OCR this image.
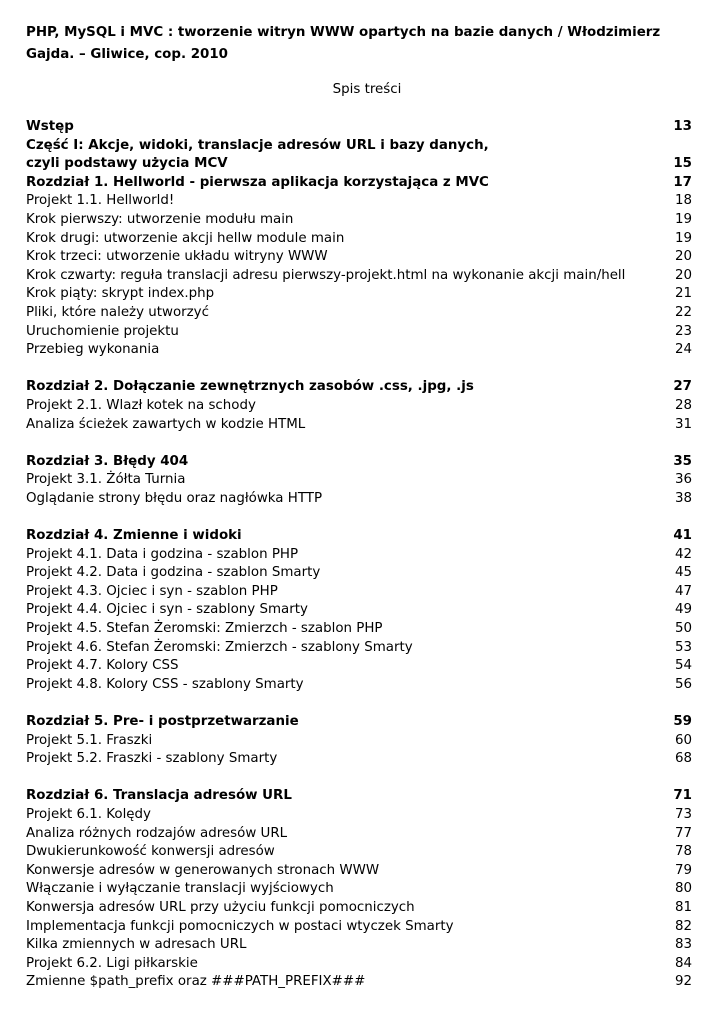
PHP, MySQL i MVC : tworzenie witryn WWW opartych na bazie danych / Włodzimierz Gajda. – Gliwice, cop. 2010

Spis treści

Wstęp	13
Część I: Akcje, widoki, translacje adresów URL i bazy danych,
czyli podstawy użycia MCV	15
Rozdział 1. Hellworld - pierwsza aplikacja korzystająca z MVC	17
Projekt 1.1. Hellworld!	18
Krok pierwszy: utworzenie modułu main	19
Krok drugi: utworzenie akcji hellw module main	19
Krok trzeci: utworzenie układu witryny WWW	20
Krok czwarty: reguła translacji adresu pierwszy-projekt.html na wykonanie akcji main/hell	20
Krok piąty: skrypt index.php	21
Pliki, które należy utworzyć	22
Uruchomienie projektu	23
Przebieg wykonania	24
Rozdział 2. Dołączanie zewnętrznych zasobów .css, .jpg, .js	27
Projekt 2.1. Wlazł kotek na schody	28
Analiza ścieżek zawartych w kodzie HTML	31
Rozdział 3. Błędy 404	35
Projekt 3.1. Żółta Turnia	36
Oglądanie strony błędu oraz nagłówka HTTP	38
Rozdział 4. Zmienne i widoki	41
Projekt 4.1. Data i godzina - szablon PHP	42
Projekt 4.2. Data i godzina - szablon Smarty	45
Projekt 4.3. Ojciec i syn - szablon PHP	47
Projekt 4.4. Ojciec i syn - szablony Smarty	49
Projekt 4.5. Stefan Żeromski: Zmierzch - szablon PHP	50
Projekt 4.6. Stefan Żeromski: Zmierzch - szablony Smarty	53
Projekt 4.7. Kolory CSS	54
Projekt 4.8. Kolory CSS - szablony Smarty	56
Rozdział 5. Pre- i postprzetwarzanie	59
Projekt 5.1. Fraszki	60
Projekt 5.2. Fraszki - szablony Smarty	68
Rozdział 6. Translacja adresów URL	71
Projekt 6.1. Kolędy	73
Analiza różnych rodzajów adresów URL	77
Dwukierunkowość konwersji adresów	78
Konwersje adresów w generowanych stronach WWW	79
Włączanie i wyłączanie translacji wyjściowych	80
Konwersja adresów URL przy użyciu funkcji pomocniczych	81
Implementacja funkcji pomocniczych w postaci wtyczek Smarty	82
Kilka zmiennych w adresach URL	83
Projekt 6.2. Ligi piłkarskie	84
Zmienne $path_prefix oraz ###PATH_PREFIX###	92
